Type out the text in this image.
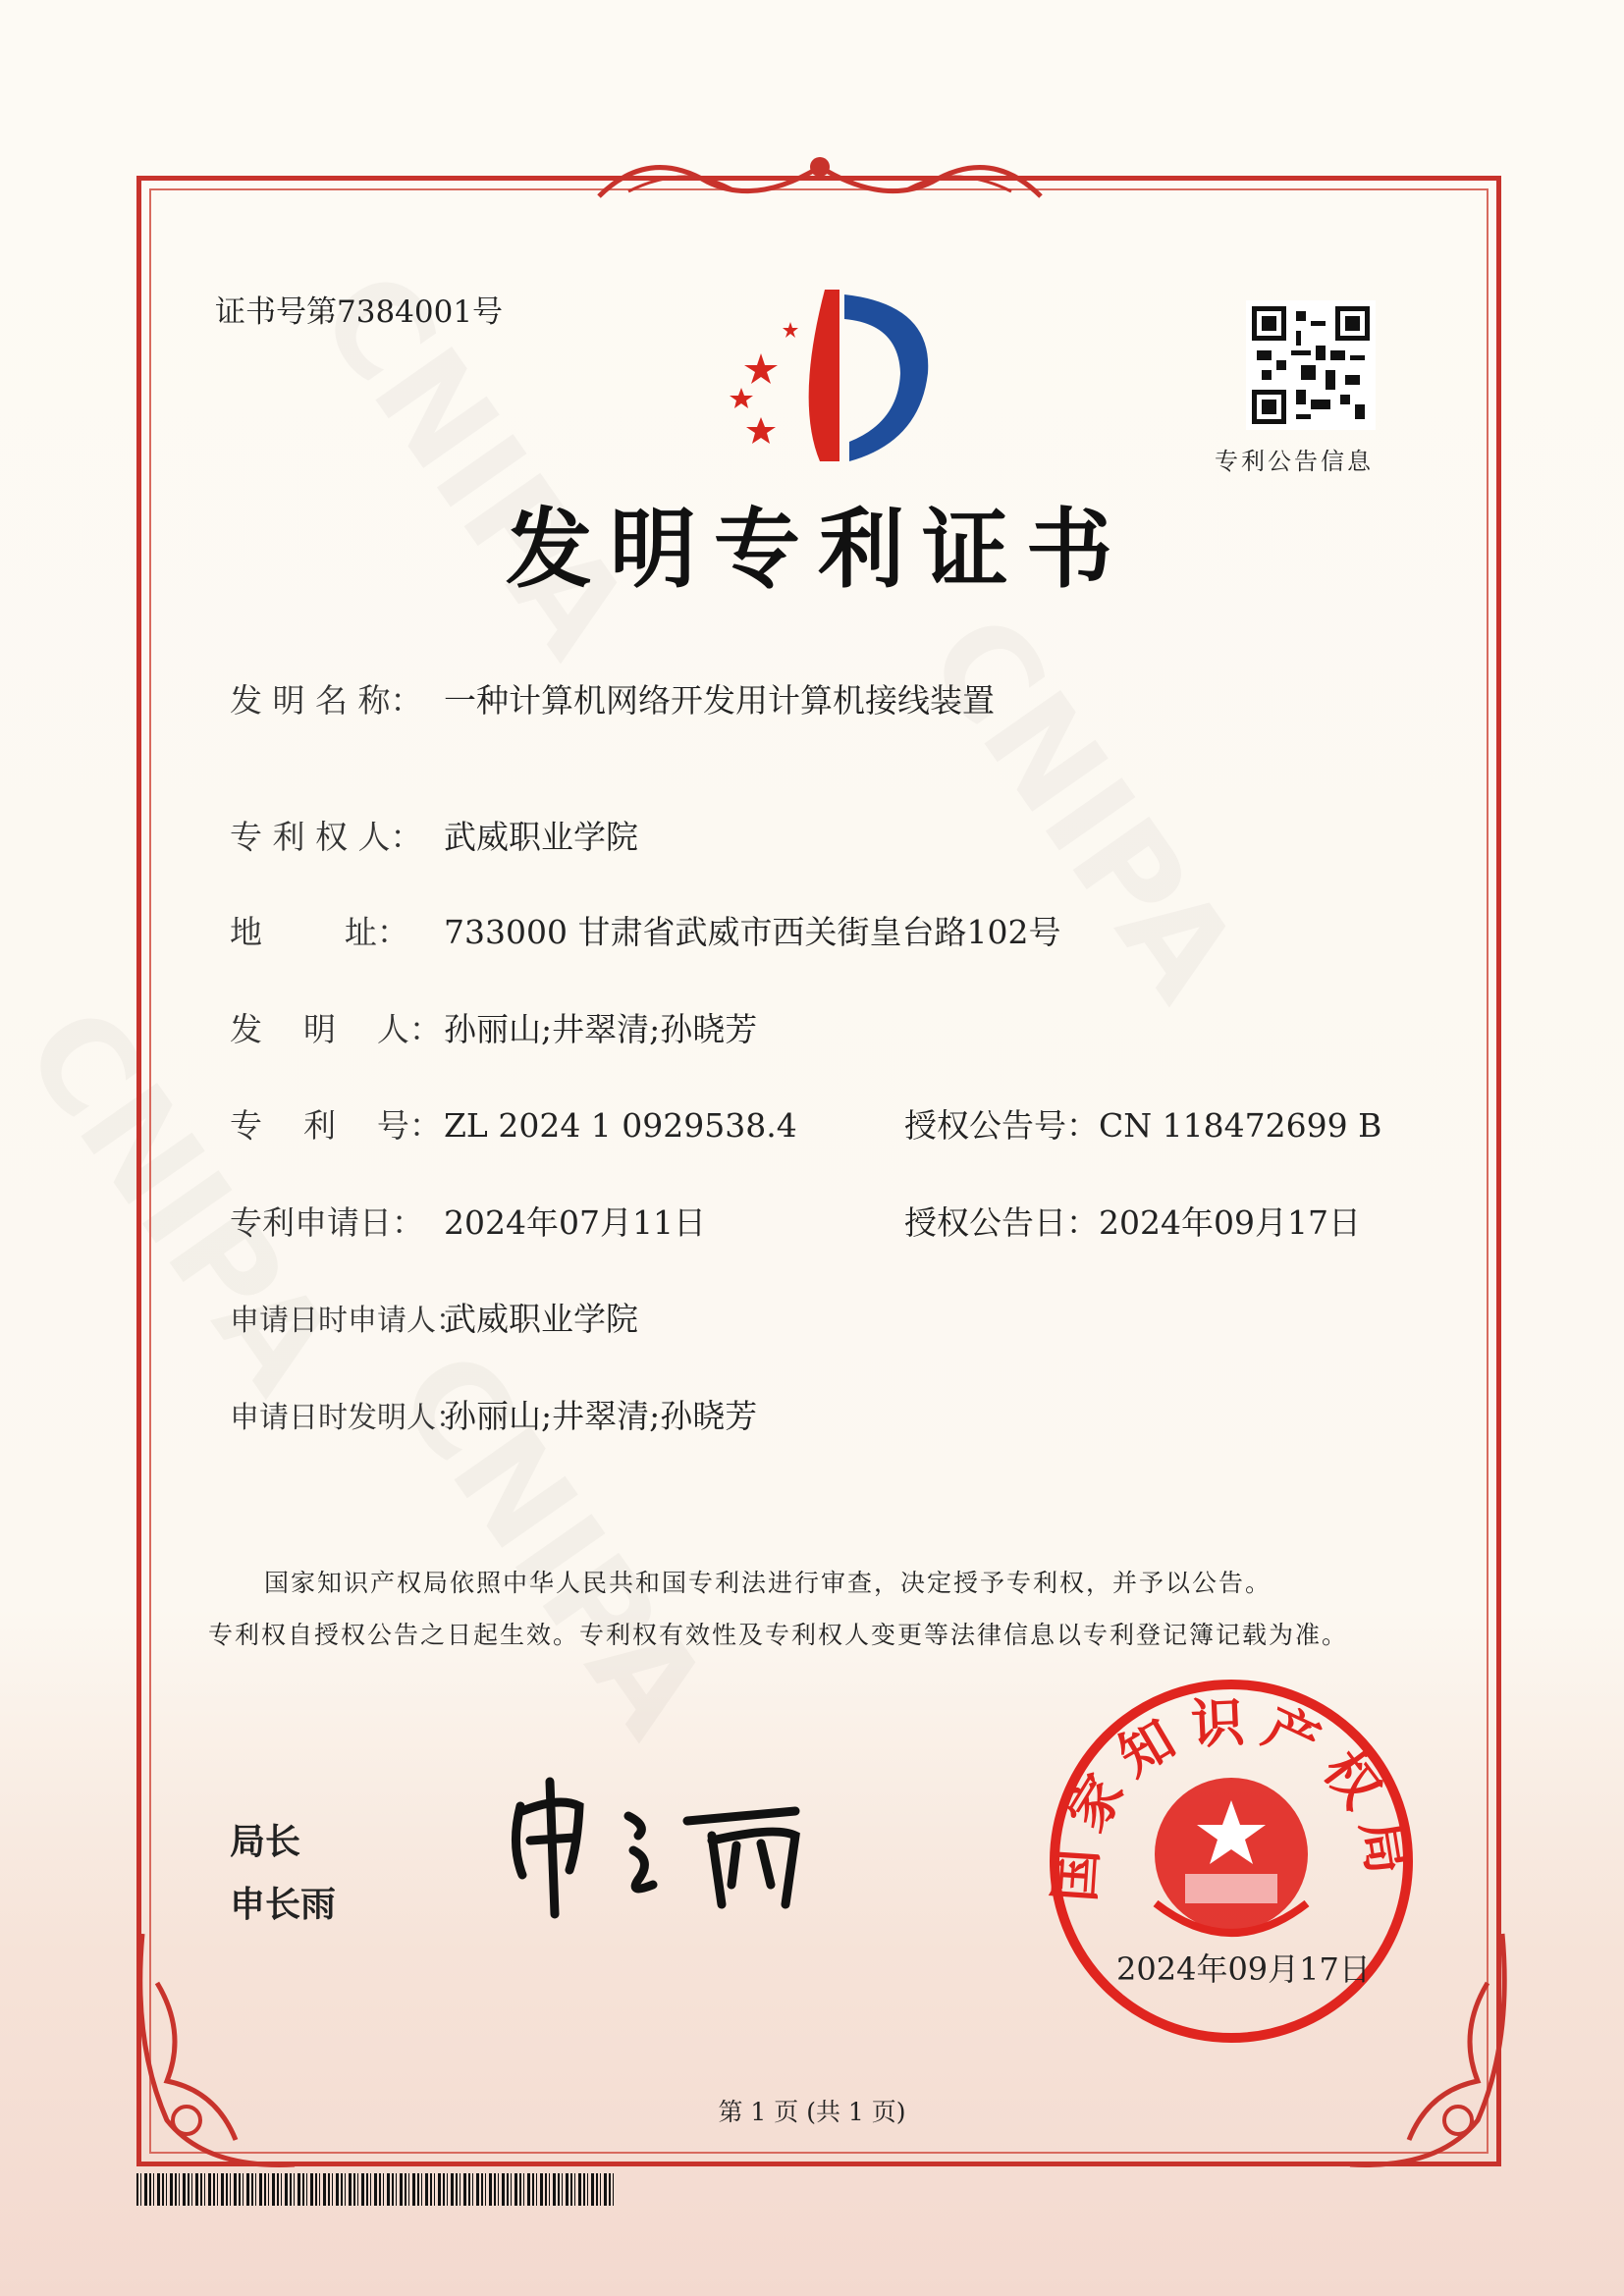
证书号第7384001号
专利公告信息
发明专利证书
发 明 名 称： 一种计算机网络开发用计算机接线装置
专 利 权 人： 武威职业学院
地        址： 733000 甘肃省武威市西关街皇台路102号
发    明    人：孙丽山;井翠清;孙晓芳
专    利    号：ZL 2024 1 0929538.4
专利申请日： 2024年07月11日
申请日时申请人：武威职业学院
申请日时发明人：孙丽山;井翠清;孙晓芳
授权公告号：CN 118472699 B
授权公告日：2024年09月17日
国家知识产权局依照中华人民共和国专利法进行审查，决定授予专利权，并予以公告。
专利权自授权公告之日起生效。专利权有效性及专利权人变更等法律信息以专利登记簿记载为准。
局长
申长雨
国家知识产权局
2024年09月17日
第 1 页 (共 1 页)
